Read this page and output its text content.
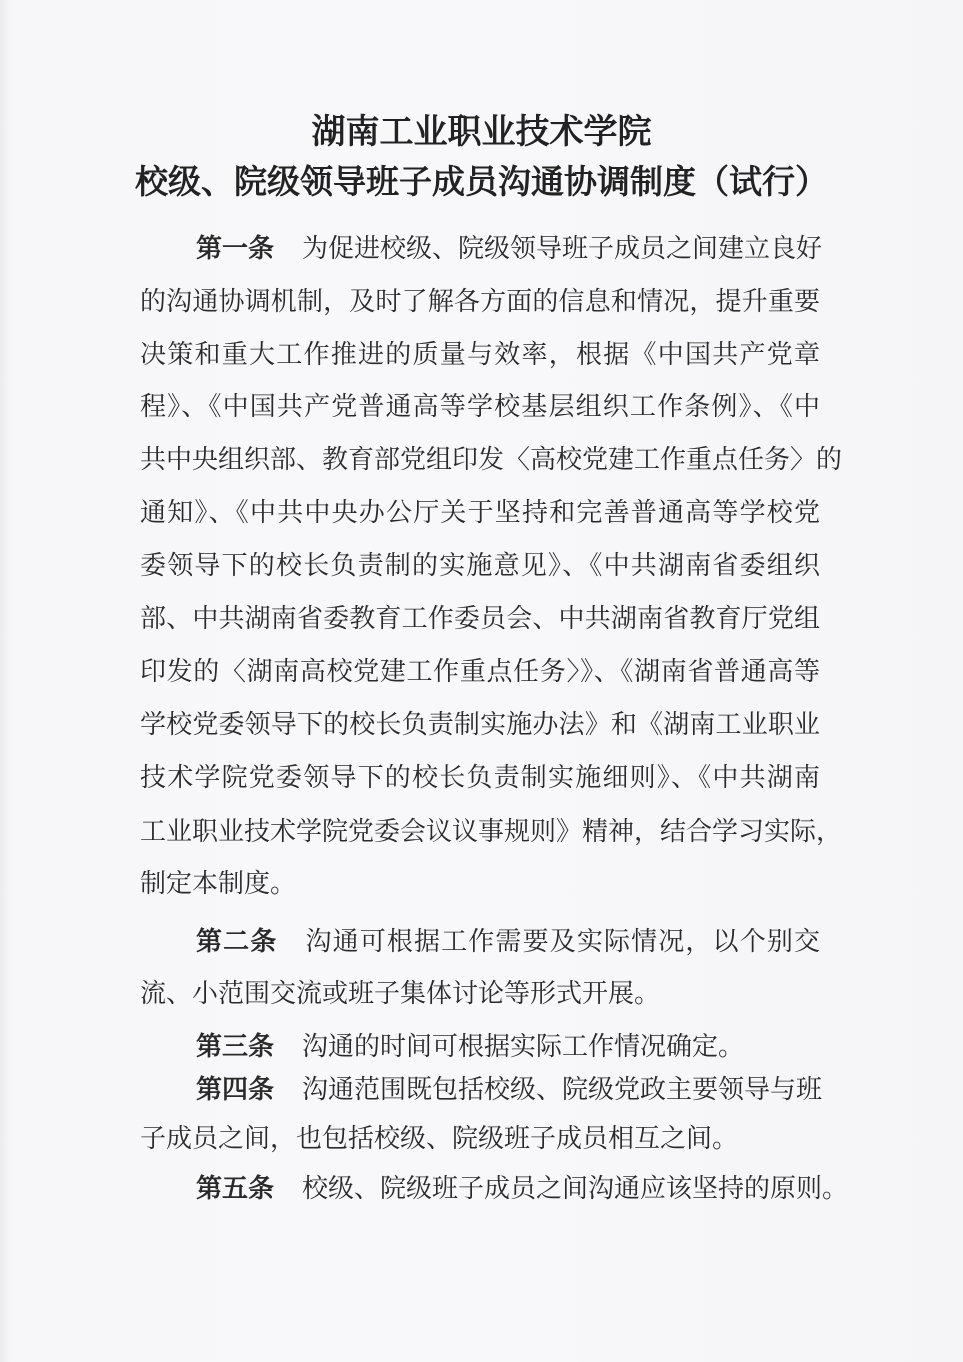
湖南工业职业技术学院
校级、院级领导班子成员沟通协调制度（试行）
第一条 为促进校级、院级领导班子成员之间建立良好
的沟通协调机制，及时了解各方面的信息和情况，提升重要
决策和重大工作推进的质量与效率，根据《中国共产党章
程》、《中国共产党普通高等学校基层组织工作条例》、《中
共中央组织部、教育部党组印发〈高校党建工作重点任务〉的
通知》、《中共中央办公厅关于坚持和完善普通高等学校党
委领导下的校长负责制的实施意见》、《中共湖南省委组织
部、中共湖南省委教育工作委员会、中共湖南省教育厅党组
印发的〈湖南高校党建工作重点任务〉》、《湖南省普通高等
学校党委领导下的校长负责制实施办法》和《湖南工业职业
技术学院党委领导下的校长负责制实施细则》、《中共湖南
工业职业技术学院党委会议议事规则》精神，结合学习实际，
制定本制度。
第二条 沟通可根据工作需要及实际情况，以个别交
流、小范围交流或班子集体讨论等形式开展。
第三条 沟通的时间可根据实际工作情况确定。
第四条 沟通范围既包括校级、院级党政主要领导与班
子成员之间，也包括校级、院级班子成员相互之间。
第五条 校级、院级班子成员之间沟通应该坚持的原则。
